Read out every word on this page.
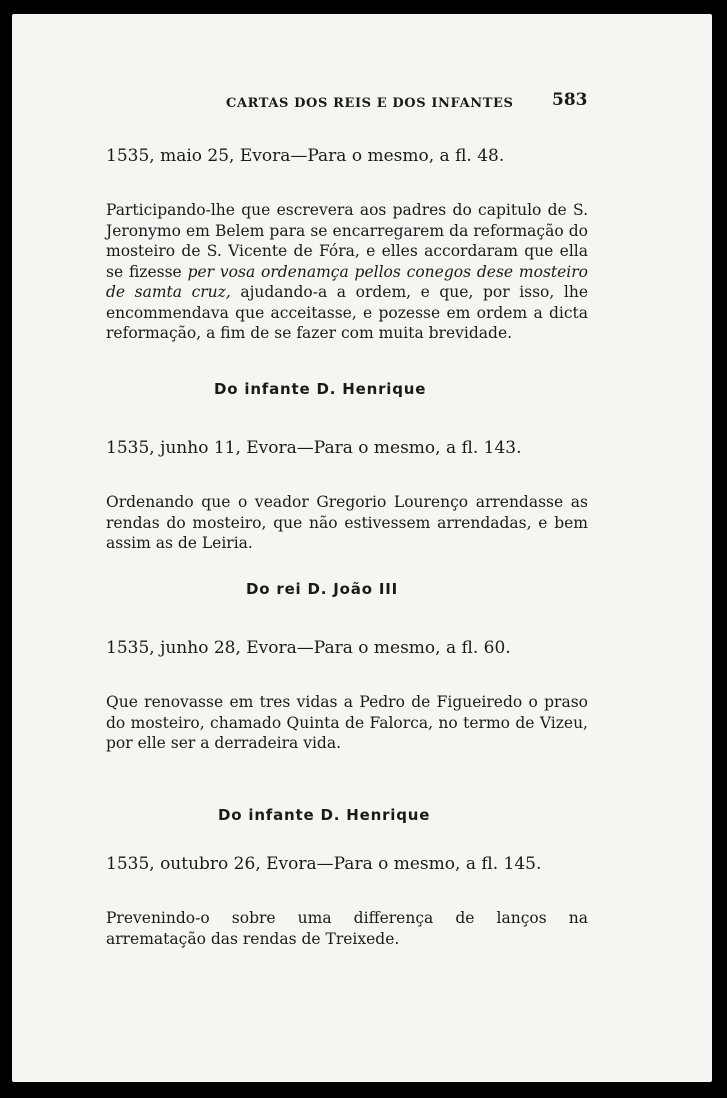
CARTAS DOS REIS E DOS INFANTES 583
1535, maio 25, Evora—Para o mesmo, a fl. 48.
Participando-lhe que escrevera aos padres do capitulo de S. Jeronymo em Belem para se encarregarem da reformação do mosteiro de S. Vicente de Fóra, e elles accordaram que ella se fizesse per vosa ordenamça pellos conegos dese mosteiro de samta cruz, ajudando-a a ordem, e que, por isso, lhe encommendava que acceitasse, e pozesse em ordem a dicta reformação, a fim de se fazer com muita brevidade.
Do infante D. Henrique
1535, junho 11, Evora—Para o mesmo, a fl. 143.
Ordenando que o veador Gregorio Lourenço arrendasse as rendas do mosteiro, que não estivessem arrendadas, e bem assim as de Leiria.
Do rei D. João III
1535, junho 28, Evora—Para o mesmo, a fl. 60.
Que renovasse em tres vidas a Pedro de Figueiredo o praso do mosteiro, chamado Quinta de Falorca, no termo de Vizeu, por elle ser a derradeira vida.
Do infante D. Henrique
1535, outubro 26, Evora—Para o mesmo, a fl. 145.
Prevenindo-o sobre uma differença de lanços na arrematação das rendas de Treixede.
